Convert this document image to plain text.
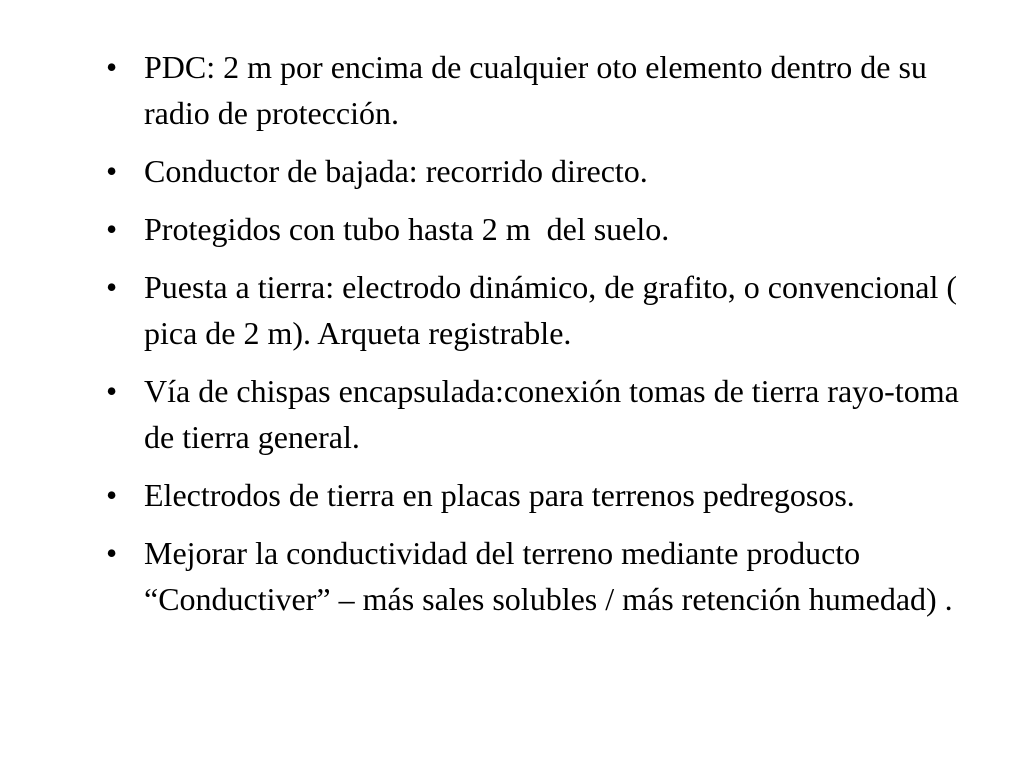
• PDC: 2 m por encima de cualquier oto elemento dentro de su radio de protección.
• Conductor de bajada: recorrido directo.
• Protegidos con tubo hasta 2 m  del suelo.
• Puesta a tierra: electrodo dinámico, de grafito, o convencional ( pica de 2 m). Arqueta registrable.
• Vía de chispas encapsulada:conexión tomas de tierra rayo-toma de tierra general.
• Electrodos de tierra en placas para terrenos pedregosos.
• Mejorar la conductividad del terreno mediante producto “Conductiver” – más sales solubles / más retención humedad) .
